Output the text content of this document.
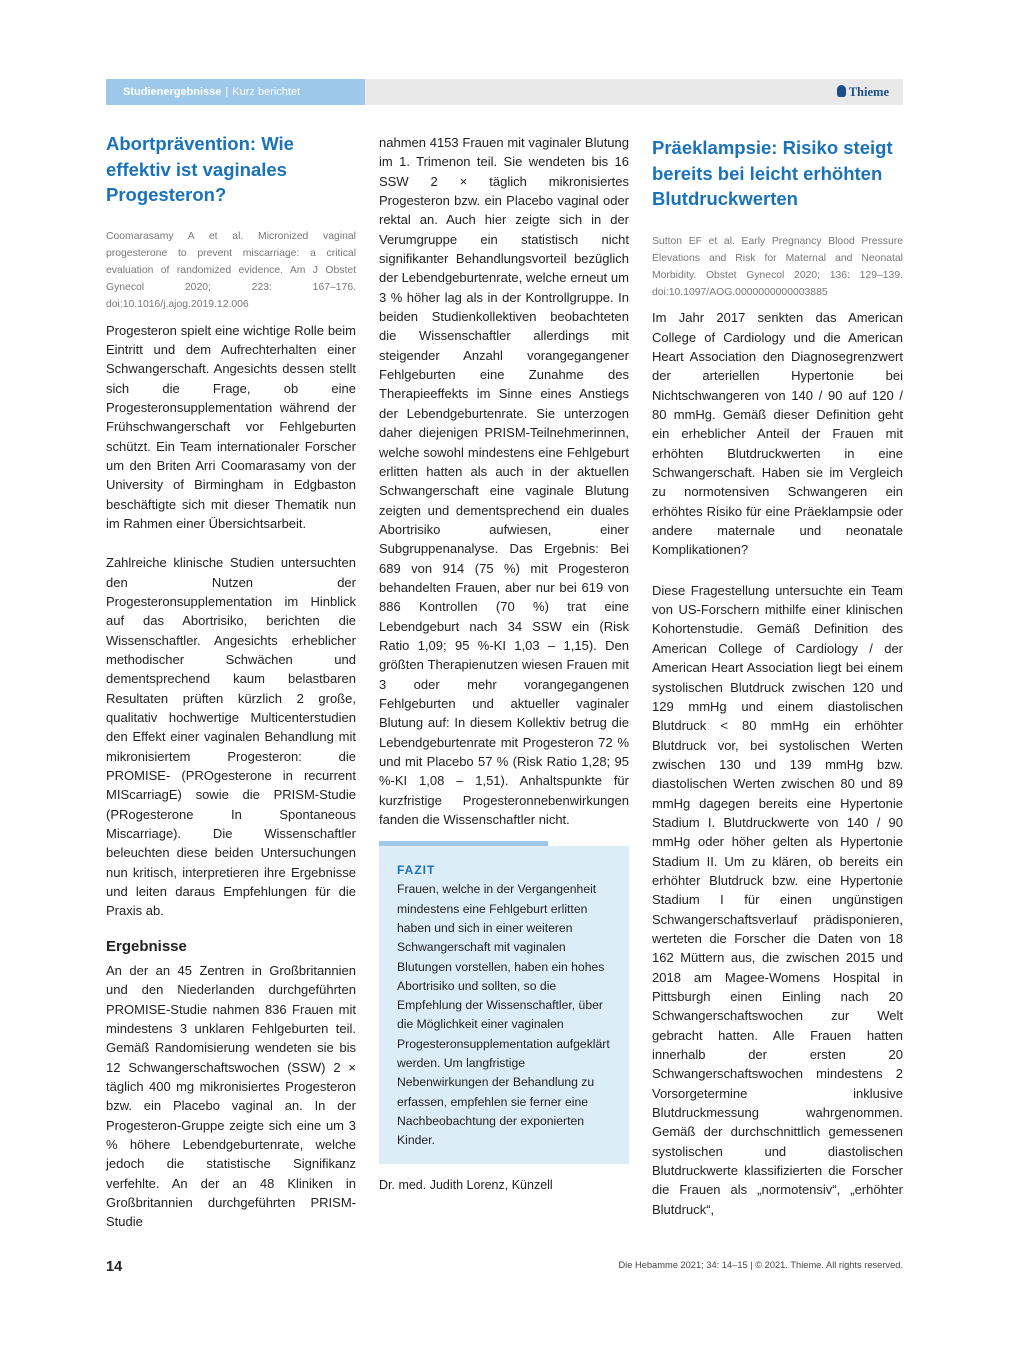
Studienergebnisse | Kurz berichtet	Thieme
Abortprävention: Wie effektiv ist vaginales Progesteron?

Coomarasamy A et al. Micronized vaginal progesterone to prevent miscarriage: a critical evaluation of randomized evidence. Am J Obstet Gynecol 2020; 223: 167–176. doi:10.1016/j.ajog.2019.12.006

Progesteron spielt eine wichtige Rolle beim Eintritt und dem Aufrechterhalten einer Schwangerschaft. Angesichts dessen stellt sich die Frage, ob eine Progesteronsupplementation während der Frühschwangerschaft vor Fehlgeburten schützt. Ein Team internationaler Forscher um den Briten Arri Coomarasamy von der University of Birmingham in Edgbaston beschäftigte sich mit dieser Thematik nun im Rahmen einer Übersichtsarbeit.

Zahlreiche klinische Studien untersuchten den Nutzen der Progesteronsupplementation im Hinblick auf das Abortrisiko, berichten die Wissenschaftler. Angesichts erheblicher methodischer Schwächen und dementsprechend kaum belastbaren Resultaten prüften kürzlich 2 große, qualitativ hochwertige Multicenterstudien den Effekt einer vaginalen Behandlung mit mikronisiertem Progesteron: die PROMISE- (PROgesterone in recurrent MIScarriagE) sowie die PRISM-Studie (PRogesterone In Spontaneous Miscarriage). Die Wissenschaftler beleuchten diese beiden Untersuchungen nun kritisch, interpretieren ihre Ergebnisse und leiten daraus Empfehlungen für die Praxis ab.

Ergebnisse

An der an 45 Zentren in Großbritannien und den Niederlanden durchgeführten PROMISE-Studie nahmen 836 Frauen mit mindestens 3 unklaren Fehlgeburten teil. Gemäß Randomisierung wendeten sie bis 12 Schwangerschaftswochen (SSW) 2 × täglich 400 mg mikronisiertes Progesteron bzw. ein Placebo vaginal an. In der Progesteron-Gruppe zeigte sich eine um 3 % höhere Lebendgeburtenrate, welche jedoch die statistische Signifikanz verfehlte. An der an 48 Kliniken in Großbritannien durchgeführten PRISM-Studie

nahmen 4153 Frauen mit vaginaler Blutung im 1. Trimenon teil. Sie wendeten bis 16 SSW 2 × täglich mikronisiertes Progesteron bzw. ein Placebo vaginal oder rektal an. Auch hier zeigte sich in der Verumgruppe ein statistisch nicht signifikanter Behandlungsvorteil bezüglich der Lebendgeburtenrate, welche erneut um 3 % höher lag als in der Kontrollgruppe. In beiden Studienkollektiven beobachteten die Wissenschaftler allerdings mit steigender Anzahl vorangegangener Fehlgeburten eine Zunahme des Therapieeffekts im Sinne eines Anstiegs der Lebendgeburtenrate. Sie unterzogen daher diejenigen PRISM-Teilnehmerinnen, welche sowohl mindestens eine Fehlgeburt erlitten hatten als auch in der aktuellen Schwangerschaft eine vaginale Blutung zeigten und dementsprechend ein duales Abortrisiko aufwiesen, einer Subgruppenanalyse. Das Ergebnis: Bei 689 von 914 (75 %) mit Progesteron behandelten Frauen, aber nur bei 619 von 886 Kontrollen (70 %) trat eine Lebendgeburt nach 34 SSW ein (Risk Ratio 1,09; 95 %-KI 1,03 – 1,15). Den größten Therapienutzen wiesen Frauen mit 3 oder mehr vorangegangenen Fehlgeburten und aktueller vaginaler Blutung auf: In diesem Kollektiv betrug die Lebendgeburtenrate mit Progesteron 72 % und mit Placebo 57 % (Risk Ratio 1,28; 95 %-KI 1,08 – 1,51). Anhaltspunkte für kurzfristige Progesteronnebenwirkungen fanden die Wissenschaftler nicht.

FAZIT
Frauen, welche in der Vergangenheit mindestens eine Fehlgeburt erlitten haben und sich in einer weiteren Schwangerschaft mit vaginalen Blutungen vorstellen, haben ein hohes Abortrisiko und sollten, so die Empfehlung der Wissenschaftler, über die Möglichkeit einer vaginalen Progesteronsupplementation aufgeklärt werden. Um langfristige Nebenwirkungen der Behandlung zu erfassen, empfehlen sie ferner eine Nachbeobachtung der exponierten Kinder.

Dr. med. Judith Lorenz, Künzell

Präeklampsie: Risiko steigt bereits bei leicht erhöhten Blutdruckwerten

Sutton EF et al. Early Pregnancy Blood Pressure Elevations and Risk for Maternal and Neonatal Morbidity. Obstet Gynecol 2020; 136: 129–139. doi:10.1097/AOG.0000000000003885

Im Jahr 2017 senkten das American College of Cardiology und die American Heart Association den Diagnosegrenzwert der arteriellen Hypertonie bei Nichtschwangeren von 140 / 90 auf 120 / 80 mmHg. Gemäß dieser Definition geht ein erheblicher Anteil der Frauen mit erhöhten Blutdruckwerten in eine Schwangerschaft. Haben sie im Vergleich zu normotensiven Schwangeren ein erhöhtes Risiko für eine Präeklampsie oder andere maternale und neonatale Komplikationen?

Diese Fragestellung untersuchte ein Team von US-Forschern mithilfe einer klinischen Kohortenstudie. Gemäß Definition des American College of Cardiology / der American Heart Association liegt bei einem systolischen Blutdruck zwischen 120 und 129 mmHg und einem diastolischen Blutdruck < 80 mmHg ein erhöhter Blutdruck vor, bei systolischen Werten zwischen 130 und 139 mmHg bzw. diastolischen Werten zwischen 80 und 89 mmHg dagegen bereits eine Hypertonie Stadium I. Blutdruckwerte von 140 / 90 mmHg oder höher gelten als Hypertonie Stadium II. Um zu klären, ob bereits ein erhöhter Blutdruck bzw. eine Hypertonie Stadium I für einen ungünstigen Schwangerschaftsverlauf prädisponieren, werteten die Forscher die Daten von 18 162 Müttern aus, die zwischen 2015 und 2018 am Magee-Womens Hospital in Pittsburgh einen Einling nach 20 Schwangerschaftswochen zur Welt gebracht hatten. Alle Frauen hatten innerhalb der ersten 20 Schwangerschaftswochen mindestens 2 Vorsorgetermine inklusive Blutdruckmessung wahrgenommen. Gemäß der durchschnittlich gemessenen systolischen und diastolischen Blutdruckwerte klassifizierten die Forscher die Frauen als „normotensiv“, „erhöhter Blutdruck“,

14	Die Hebamme 2021; 34: 14–15 | © 2021. Thieme. All rights reserved.
